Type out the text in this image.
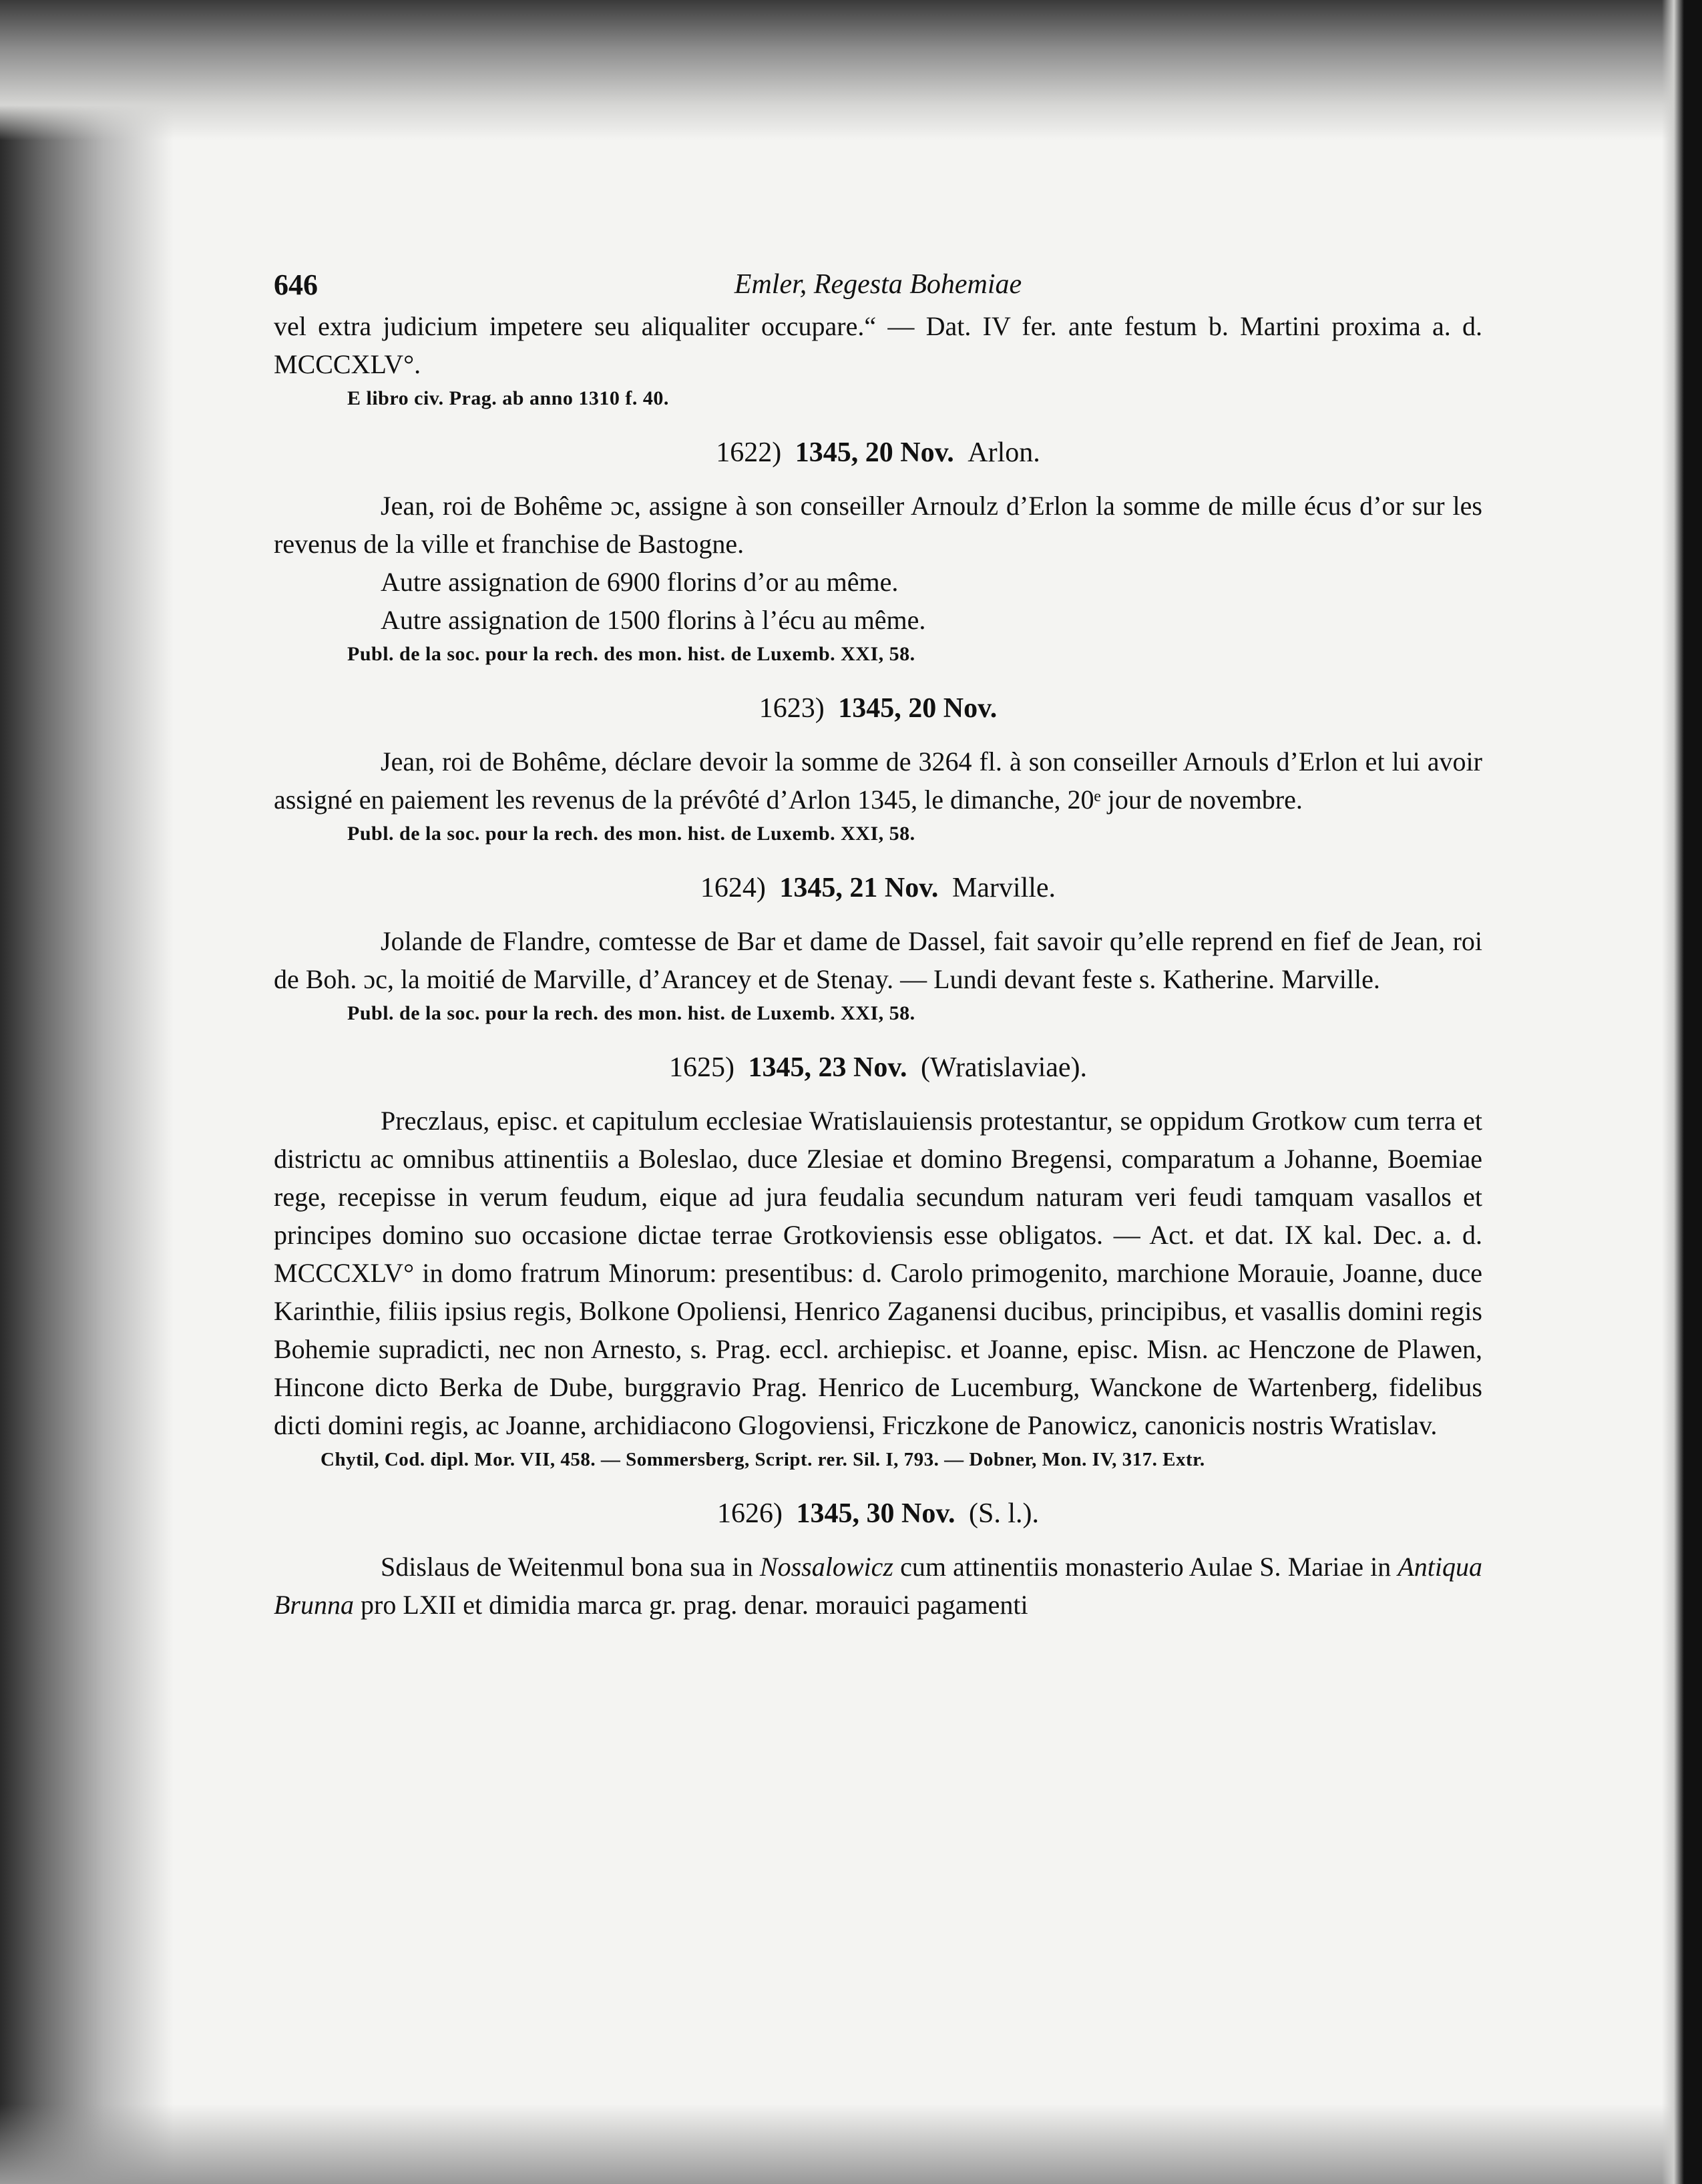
646	Emler, Regesta Bohemiae

vel extra judicium impetere seu aliqualiter occupare.“ — Dat. IV fer. ante festum b. Martini proxima a. d. MCCCXLV°.

E libro civ. Prag. ab anno 1310 f. 40.

1622) 1345, 20 Nov. Arlon.

Jean, roi de Bohême ɔc, assigne à son conseiller Arnoulz d’Erlon la somme de mille écus d’or sur les revenus de la ville et franchise de Bastogne.

Autre assignation de 6900 florins d’or au même.

Autre assignation de 1500 florins à l’écu au même.

Publ. de la soc. pour la rech. des mon. hist. de Luxemb. XXI, 58.

1623) 1345, 20 Nov.

Jean, roi de Bohême, déclare devoir la somme de 3264 fl. à son conseiller Arnouls d’Erlon et lui avoir assigné en paiement les revenus de la prévôté d’Arlon 1345, le dimanche, 20ᵉ jour de novembre.

Publ. de la soc. pour la rech. des mon. hist. de Luxemb. XXI, 58.

1624) 1345, 21 Nov. Marville.

Jolande de Flandre, comtesse de Bar et dame de Dassel, fait savoir qu’elle reprend en fief de Jean, roi de Boh. ɔc, la moitié de Marville, d’Arancey et de Stenay. — Lundi devant feste s. Katherine. Marville.

Publ. de la soc. pour la rech. des mon. hist. de Luxemb. XXI, 58.

1625) 1345, 23 Nov. (Wratislaviae).

Preczlaus, episc. et capitulum ecclesiae Wratislauiensis protestantur, se oppidum Grotkow cum terra et districtu ac omnibus attinentiis a Boleslao, duce Zlesiae et domino Bregensi, comparatum a Johanne, Boemiae rege, recepisse in verum feudum, eique ad jura feudalia secundum naturam veri feudi tamquam vasallos et principes domino suo occasione dictae terrae Grotkoviensis esse obligatos. — Act. et dat. IX kal. Dec. a. d. MCCCXLV° in domo fratrum Minorum: presentibus: d. Carolo primogenito, marchione Morauie, Joanne, duce Karinthie, filiis ipsius regis, Bolkone Opoliensi, Henrico Zaganensi ducibus, principibus, et vasallis domini regis Bohemie supradicti, nec non Arnesto, s. Prag. eccl. archiepisc. et Joanne, episc. Misn. ac Henczone de Plawen, Hincone dicto Berka de Dube, burggravio Prag. Henrico de Lucemburg, Wanckone de Wartenberg, fidelibus dicti domini regis, ac Joanne, archidiacono Glogoviensi, Friczkone de Panowicz, canonicis nostris Wratislav.

Chytil, Cod. dipl. Mor. VII, 458. — Sommersberg, Script. rer. Sil. I, 793. — Dobner, Mon. IV, 317. Extr.

1626) 1345, 30 Nov. (S. l.).

Sdislaus de Weitenmul bona sua in Nossalowicz cum attinentiis monasterio Aulae S. Mariae in Antiqua Brunna pro LXII et dimidia marca gr. prag. denar. morauici pagamenti
